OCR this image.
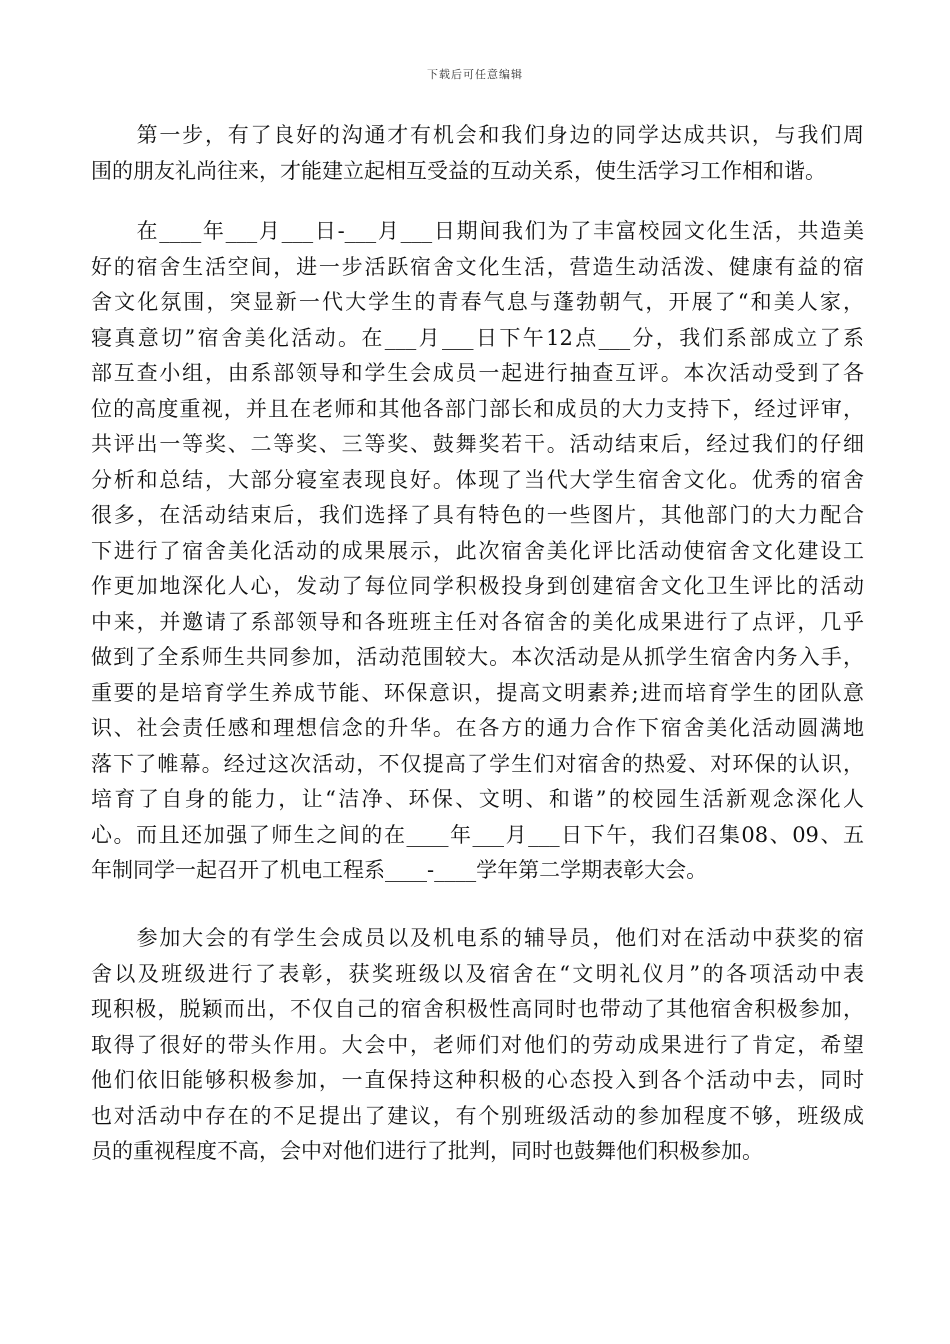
下载后可任意编辑
　　第一步，有了良好的沟通才有机会和我们身边的同学达成共识，与我们周
围的朋友礼尚往来，才能建立起相互受益的互动关系，使生活学习工作相和谐。
　　在____年___月___日-___月___日期间我们为了丰富校园文化生活，共造美
好的宿舍生活空间，进一步活跃宿舍文化生活，营造生动活泼、健康有益的宿
舍文化氛围，突显新一代大学生的青春气息与蓬勃朝气，开展了“和美人家，
寝真意切”宿舍美化活动。在___月___日下午12点___分，我们系部成立了系
部互查小组，由系部领导和学生会成员一起进行抽查互评。本次活动受到了各
位的高度重视，并且在老师和其他各部门部长和成员的大力支持下，经过评审，
共评出一等奖、二等奖、三等奖、鼓舞奖若干。活动结束后，经过我们的仔细
分析和总结，大部分寝室表现良好。体现了当代大学生宿舍文化。优秀的宿舍
很多，在活动结束后，我们选择了具有特色的一些图片，其他部门的大力配合
下进行了宿舍美化活动的成果展示，此次宿舍美化评比活动使宿舍文化建设工
作更加地深化人心，发动了每位同学积极投身到创建宿舍文化卫生评比的活动
中来，并邀请了系部领导和各班班主任对各宿舍的美化成果进行了点评，几乎
做到了全系师生共同参加，活动范围较大。本次活动是从抓学生宿舍内务入手，
重要的是培育学生养成节能、环保意识，提高文明素养;进而培育学生的团队意
识、社会责任感和理想信念的升华。在各方的通力合作下宿舍美化活动圆满地
落下了帷幕。经过这次活动，不仅提高了学生们对宿舍的热爱、对环保的认识，
培育了自身的能力，让“洁净、环保、文明、和谐”的校园生活新观念深化人
心。而且还加强了师生之间的在____年___月___日下午，我们召集08、09、五
年制同学一起召开了机电工程系____-____学年第二学期表彰大会。
　　参加大会的有学生会成员以及机电系的辅导员，他们对在活动中获奖的宿
舍以及班级进行了表彰，获奖班级以及宿舍在“文明礼仪月”的各项活动中表
现积极，脱颖而出，不仅自己的宿舍积极性高同时也带动了其他宿舍积极参加，
取得了很好的带头作用。大会中，老师们对他们的劳动成果进行了肯定，希望
他们依旧能够积极参加，一直保持这种积极的心态投入到各个活动中去，同时
也对活动中存在的不足提出了建议，有个别班级活动的参加程度不够，班级成
员的重视程度不高，会中对他们进行了批判，同时也鼓舞他们积极参加。
